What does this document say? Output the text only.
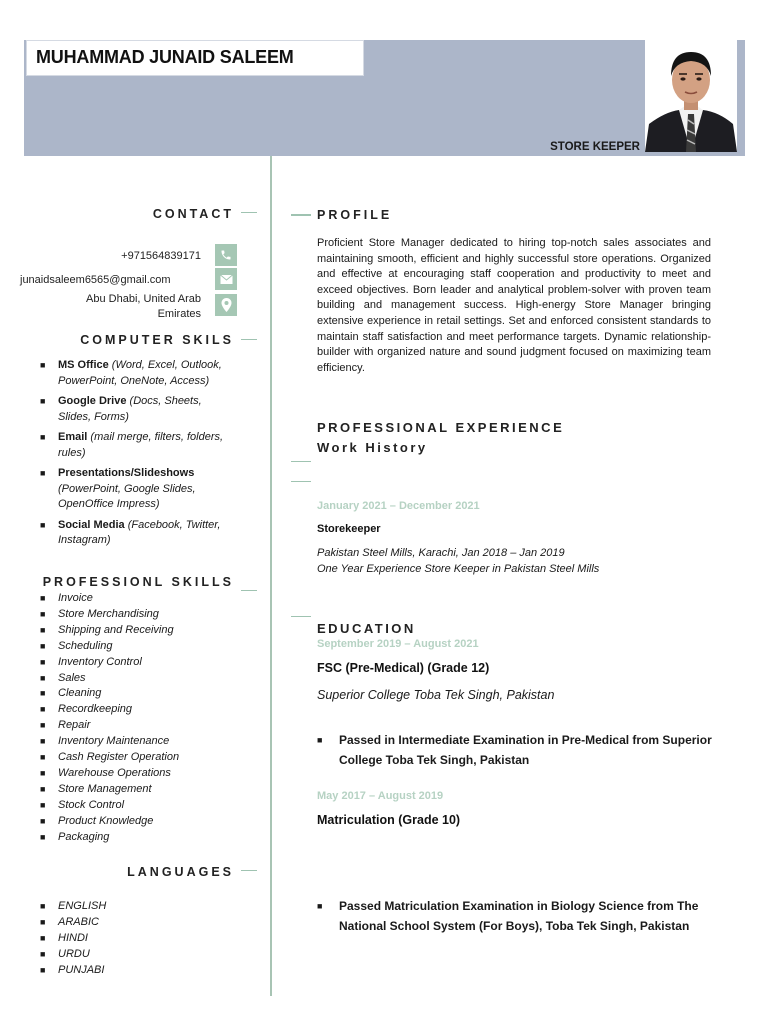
MUHAMMAD JUNAID SALEEM
STORE KEEPER
CONTACT
+971564839171
junaidsaleem6565@gmail.com
Abu Dhabi, United Arab
Emirates
COMPUTER SKILS
■ MS Office (Word, Excel, Outlook, PowerPoint, OneNote, Access)
■ Google Drive (Docs, Sheets, Slides, Forms)
■ Email (mail merge, filters, folders, rules)
■ Presentations/Slideshows (PowerPoint, Google Slides, OpenOffice Impress)
■ Social Media (Facebook, Twitter, Instagram)
PROFESSIONL SKILLS
■ Invoice
■ Store Merchandising
■ Shipping and Receiving
■ Scheduling
■ Inventory Control
■ Sales
■ Cleaning
■ Recordkeeping
■ Repair
■ Inventory Maintenance
■ Cash Register Operation
■ Warehouse Operations
■ Store Management
■ Stock Control
■ Product Knowledge
■ Packaging
LANGUAGES
■ ENGLISH
■ ARABIC
■ HINDI
■ URDU
■ PUNJABI
PROFILE
Proficient Store Manager dedicated to hiring top-notch sales associates and maintaining smooth, efficient and highly successful store operations. Organized and effective at encouraging staff cooperation and productivity to meet and exceed objectives. Born leader and analytical problem-solver with proven team building and management success. High-energy Store Manager bringing extensive experience in retail settings. Set and enforced consistent standards to maintain staff satisfaction and meet performance targets. Dynamic relationship-builder with organized nature and sound judgment focused on maximizing team efficiency.
PROFESSIONAL EXPERIENCE
Work History
January 2021 – December 2021
Storekeeper
Pakistan Steel Mills, Karachi, Jan 2018 – Jan 2019
One Year Experience Store Keeper in Pakistan Steel Mills
EDUCATION
September 2019 – August 2021
FSC (Pre-Medical) (Grade 12)
Superior College Toba Tek Singh, Pakistan
■ Passed in Intermediate Examination in Pre-Medical from Superior College Toba Tek Singh, Pakistan
May 2017 – August 2019
Matriculation (Grade 10)
■ Passed Matriculation Examination in Biology Science from The National School System (For Boys), Toba Tek Singh, Pakistan
